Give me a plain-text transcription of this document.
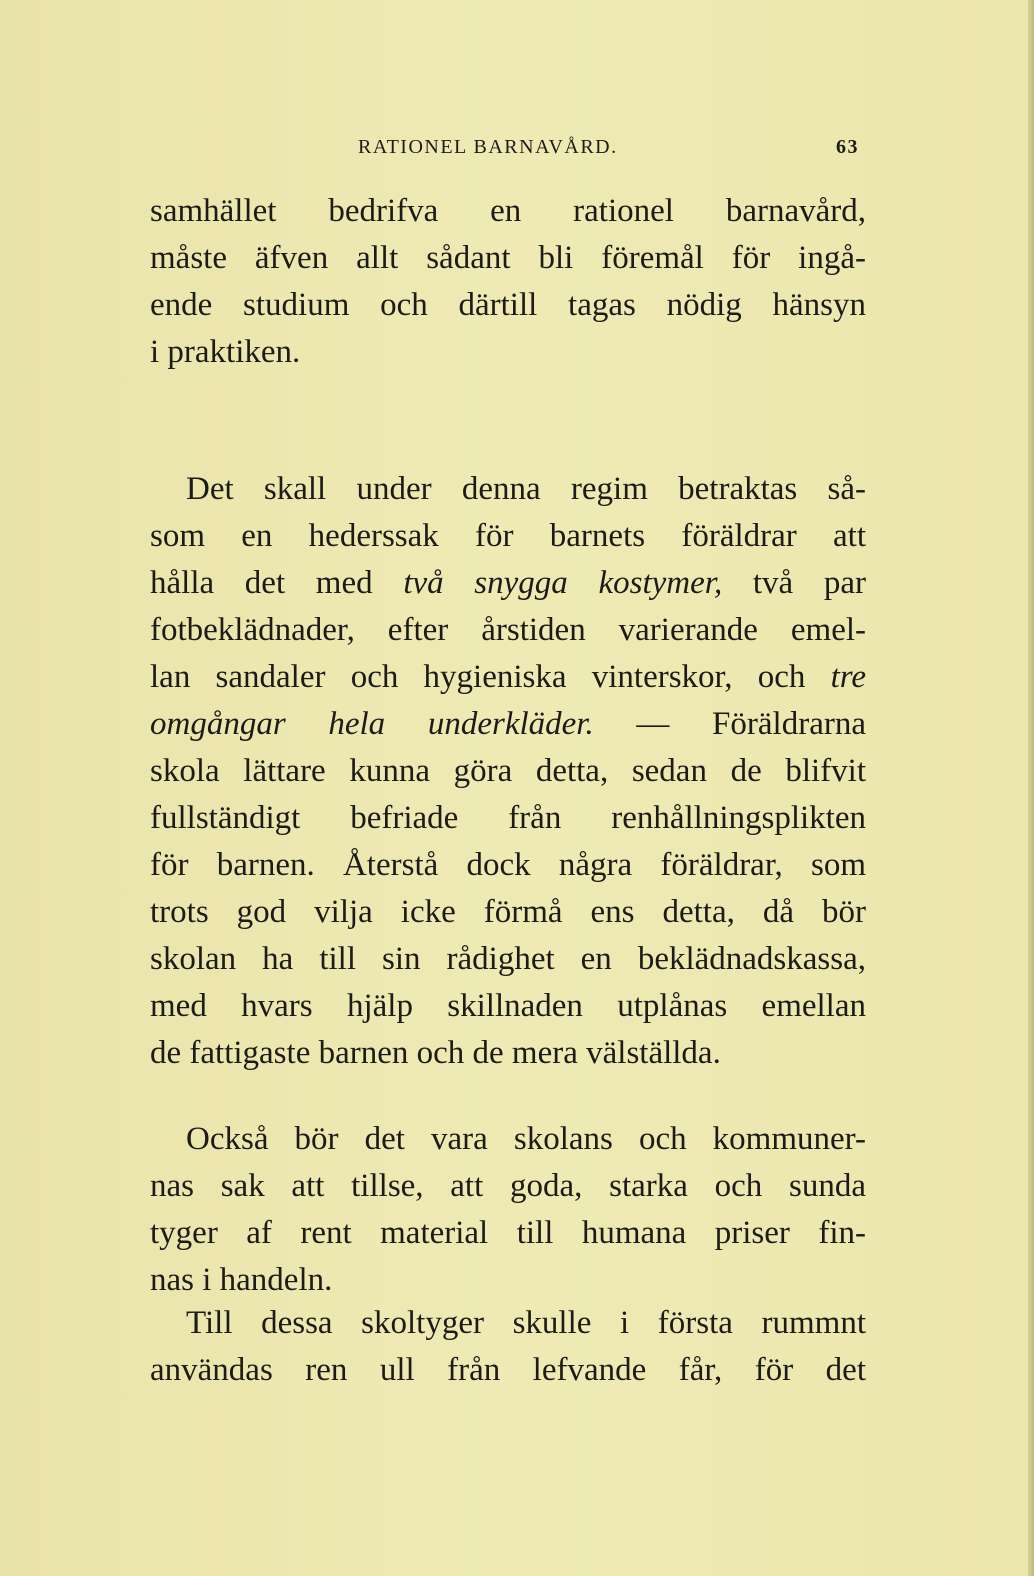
RATIONEL BARNAVÅRD.	63
samhället bedrifva en rationel barnavård,
måste äfven allt sådant bli föremål för ingå-
ende studium och därtill tagas nödig hänsyn
i praktiken.
Det skall under denna regim betraktas så-
som en hederssak för barnets föräldrar att
hålla det med två snygga kostymer, två par
fotbeklädnader, efter årstiden varierande emel-
lan sandaler och hygieniska vinterskor, och tre
omgångar hela underkläder. — Föräldrarna
skola lättare kunna göra detta, sedan de blifvit
fullständigt befriade från renhållningsplikten
för barnen. Återstå dock några föräldrar, som
trots god vilja icke förmå ens detta, då bör
skolan ha till sin rådighet en beklädnadskassa,
med hvars hjälp skillnaden utplånas emellan
de fattigaste barnen och de mera välställda.
Också bör det vara skolans och kommuner-
nas sak att tillse, att goda, starka och sunda
tyger af rent material till humana priser fin-
nas i handeln.
Till dessa skoltyger skulle i första rummnt
användas ren ull från lefvande får, för det
